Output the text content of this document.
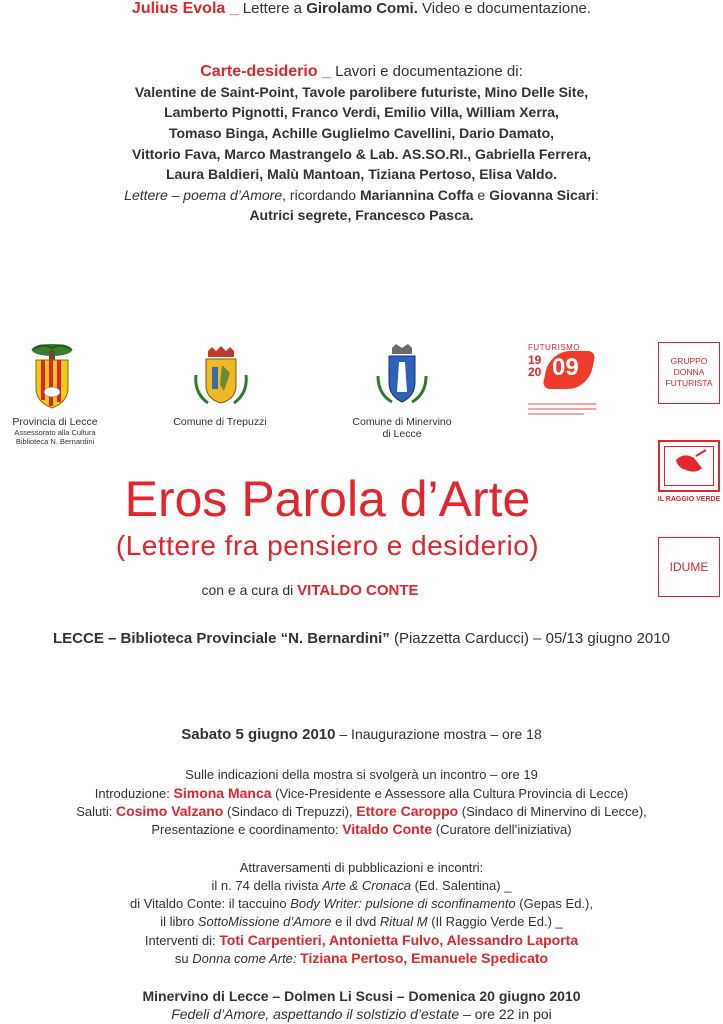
Julius Evola _ Lettere a Girolamo Comi. Video e documentazione.
Carte-desiderio _ Lavori e documentazione di:
Valentine de Saint-Point, Tavole parolibere futuriste, Mino Delle Site,
Lamberto Pignotti, Franco Verdi, Emilio Villa, William Xerra,
Tomaso Binga, Achille Guglielmo Cavellini, Dario Damato,
Vittorio Fava, Marco Mastrangelo & Lab. AS.SO.RI., Gabriella Ferrera,
Laura Baldieri, Malù Mantoan, Tiziana Pertoso, Elisa Valdo.
Lettere – poema d’Amore, ricordando Mariannina Coffa e Giovanna Sicari:
Autrici segrete, Francesco Pasca.
Provincia di Lecce
Assessorato alla Cultura
Biblioteca N. Bernardini
Comune di Trepuzzi	Comune di Minervino
di Lecce
FUTURISMO
19
20 09	GRUPPO
DONNA
FUTURISTA
IL RAGGIO VERDE
IDUME
Eros Parola d’Arte
(Lettere fra pensiero e desiderio)
con e a cura di VITALDO CONTE
LECCE – Biblioteca Provinciale “N. Bernardini” (Piazzetta Carducci) – 05/13 giugno 2010
Sabato 5 giugno 2010 – Inaugurazione mostra – ore 18
Sulle indicazioni della mostra si svolgerà un incontro – ore 19
Introduzione: Simona Manca (Vice-Presidente e Assessore alla Cultura Provincia di Lecce)
Saluti: Cosimo Valzano (Sindaco di Trepuzzi), Ettore Caroppo (Sindaco di Minervino di Lecce),
Presentazione e coordinamento: Vitaldo Conte (Curatore dell’iniziativa)
Attraversamenti di pubblicazioni e incontri:
il n. 74 della rivista Arte & Cronaca (Ed. Salentina) _
di Vitaldo Conte: il taccuino Body Writer: pulsione di sconfinamento (Gepas Ed.),
il libro SottoMissione d’Amore e il dvd Ritual M (Il Raggio Verde Ed.) _
Interventi di: Toti Carpentieri, Antonietta Fulvo, Alessandro Laporta
su Donna come Arte: Tiziana Pertoso, Emanuele Spedicato
Minervino di Lecce – Dolmen Li Scusi – Domenica 20 giugno 2010
Fedeli d’Amore, aspettando il solstizio d’estate – ore 22 in poi
